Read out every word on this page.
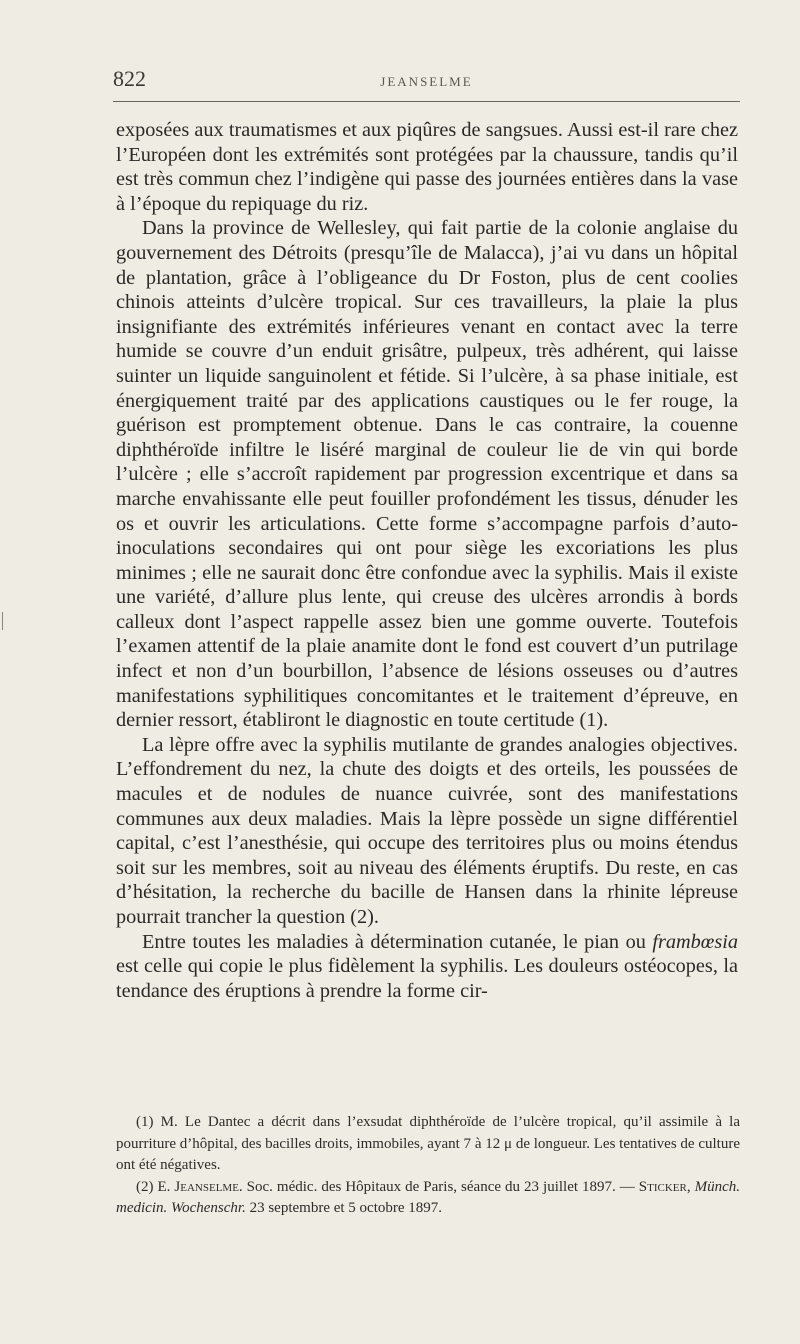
822	JEANSELME

exposées aux traumatismes et aux piqûres de sangsues. Aussi est-il rare chez l’Européen dont les extrémités sont protégées par la chaussure, tandis qu’il est très commun chez l’indigène qui passe des journées entières dans la vase à l’époque du repiquage du riz.

Dans la province de Wellesley, qui fait partie de la colonie anglaise du gouvernement des Détroits (presqu’île de Malacca), j’ai vu dans un hôpital de plantation, grâce à l’obligeance du Dr Foston, plus de cent coolies chinois atteints d’ulcère tropical. Sur ces travailleurs, la plaie la plus insignifiante des extrémités inférieures venant en contact avec la terre humide se couvre d’un enduit grisâtre, pulpeux, très adhérent, qui laisse suinter un liquide sanguinolent et fétide. Si l’ulcère, à sa phase initiale, est énergiquement traité par des applications caustiques ou le fer rouge, la guérison est promptement obtenue. Dans le cas contraire, la couenne diphthéroïde infiltre le liséré marginal de couleur lie de vin qui borde l’ulcère ; elle s’accroît rapidement par progression excentrique et dans sa marche envahissante elle peut fouiller profondément les tissus, dénuder les os et ouvrir les articulations. Cette forme s’accompagne parfois d’auto-inoculations secondaires qui ont pour siège les excoriations les plus minimes ; elle ne saurait donc être confondue avec la syphilis. Mais il existe une variété, d’allure plus lente, qui creuse des ulcères arrondis à bords calleux dont l’aspect rappelle assez bien une gomme ouverte. Toutefois l’examen attentif de la plaie anamite dont le fond est couvert d’un putrilage infect et non d’un bourbillon, l’absence de lésions osseuses ou d’autres manifestations syphilitiques concomitantes et le traitement d’épreuve, en dernier ressort, établiront le diagnostic en toute certitude (1).

La lèpre offre avec la syphilis mutilante de grandes analogies objectives. L’effondrement du nez, la chute des doigts et des orteils, les poussées de macules et de nodules de nuance cuivrée, sont des manifestations communes aux deux maladies. Mais la lèpre possède un signe différentiel capital, c’est l’anesthésie, qui occupe des territoires plus ou moins étendus soit sur les membres, soit au niveau des éléments éruptifs. Du reste, en cas d’hésitation, la recherche du bacille de Hansen dans la rhinite lépreuse pourrait trancher la question (2).

Entre toutes les maladies à détermination cutanée, le pian ou frambœsia est celle qui copie le plus fidèlement la syphilis. Les douleurs ostéocopes, la tendance des éruptions à prendre la forme cir-

(1) M. Le Dantec a décrit dans l’exsudat diphthéroïde de l’ulcère tropical, qu’il assimile à la pourriture d’hôpital, des bacilles droits, immobiles, ayant 7 à 12 μ de longueur. Les tentatives de culture ont été négatives.

(2) E. Jeanselme. Soc. médic. des Hôpitaux de Paris, séance du 23 juillet 1897. — Sticker, Münch. medicin. Wochenschr. 23 septembre et 5 octobre 1897.
